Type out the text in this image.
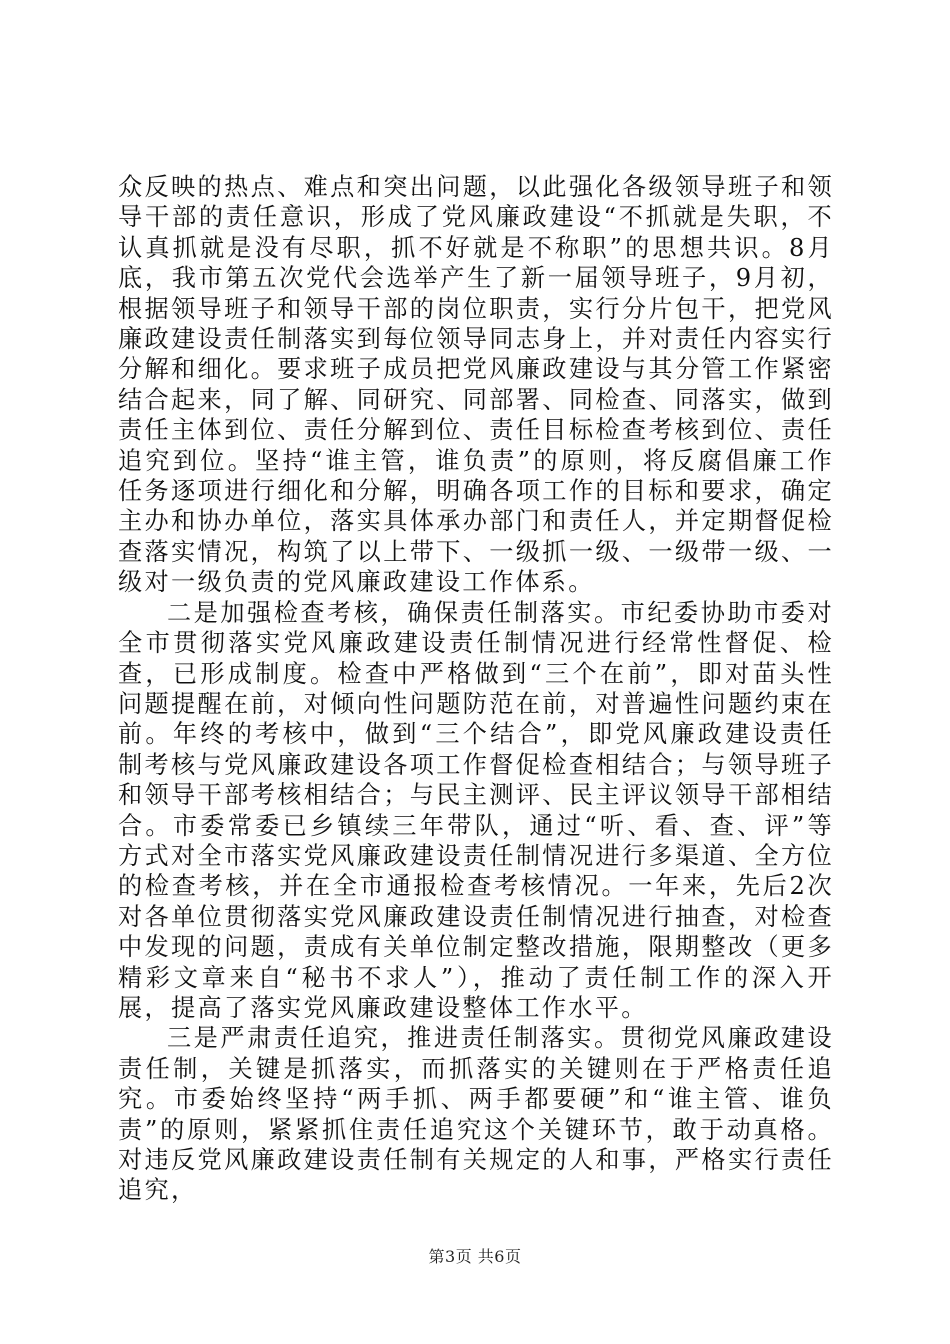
众反映的热点、难点和突出问题，以此强化各级领导班子和领导干部的责任意识，形成了党风廉政建设“不抓就是失职，不认真抓就是没有尽职，抓不好就是不称职”的思想共识。8月底，我市第五次党代会选举产生了新一届领导班子，9月初，根据领导班子和领导干部的岗位职责，实行分片包干，把党风廉政建设责任制落实到每位领导同志身上，并对责任内容实行分解和细化。要求班子成员把党风廉政建设与其分管工作紧密结合起来，同了解、同研究、同部署、同检查、同落实，做到责任主体到位、责任分解到位、责任目标检查考核到位、责任追究到位。坚持“谁主管，谁负责”的原则，将反腐倡廉工作任务逐项进行细化和分解，明确各项工作的目标和要求，确定主办和协办单位，落实具体承办部门和责任人，并定期督促检查落实情况，构筑了以上带下、一级抓一级、一级带一级、一级对一级负责的党风廉政建设工作体系。

二是加强检查考核，确保责任制落实。市纪委协助市委对全市贯彻落实党风廉政建设责任制情况进行经常性督促、检查，已形成制度。检查中严格做到“三个在前”，即对苗头性问题提醒在前，对倾向性问题防范在前，对普遍性问题约束在前。年终的考核中，做到“三个结合”，即党风廉政建设责任制考核与党风廉政建设各项工作督促检查相结合；与领导班子和领导干部考核相结合；与民主测评、民主评议领导干部相结合。市委常委已乡镇续三年带队，通过“听、看、查、评”等方式对全市落实党风廉政建设责任制情况进行多渠道、全方位的检查考核，并在全市通报检查考核情况。一年来，先后2次对各单位贯彻落实党风廉政建设责任制情况进行抽查，对检查中发现的问题，责成有关单位制定整改措施，限期整改（更多精彩文章来自“秘书不求人”），推动了责任制工作的深入开展，提高了落实党风廉政建设整体工作水平。

三是严肃责任追究，推进责任制落实。贯彻党风廉政建设责任制，关键是抓落实，而抓落实的关键则在于严格责任追究。市委始终坚持“两手抓、两手都要硬”和“谁主管、谁负责”的原则，紧紧抓住责任追究这个关键环节，敢于动真格。对违反党风廉政建设责任制有关规定的人和事，严格实行责任追究，

第3页 共6页
